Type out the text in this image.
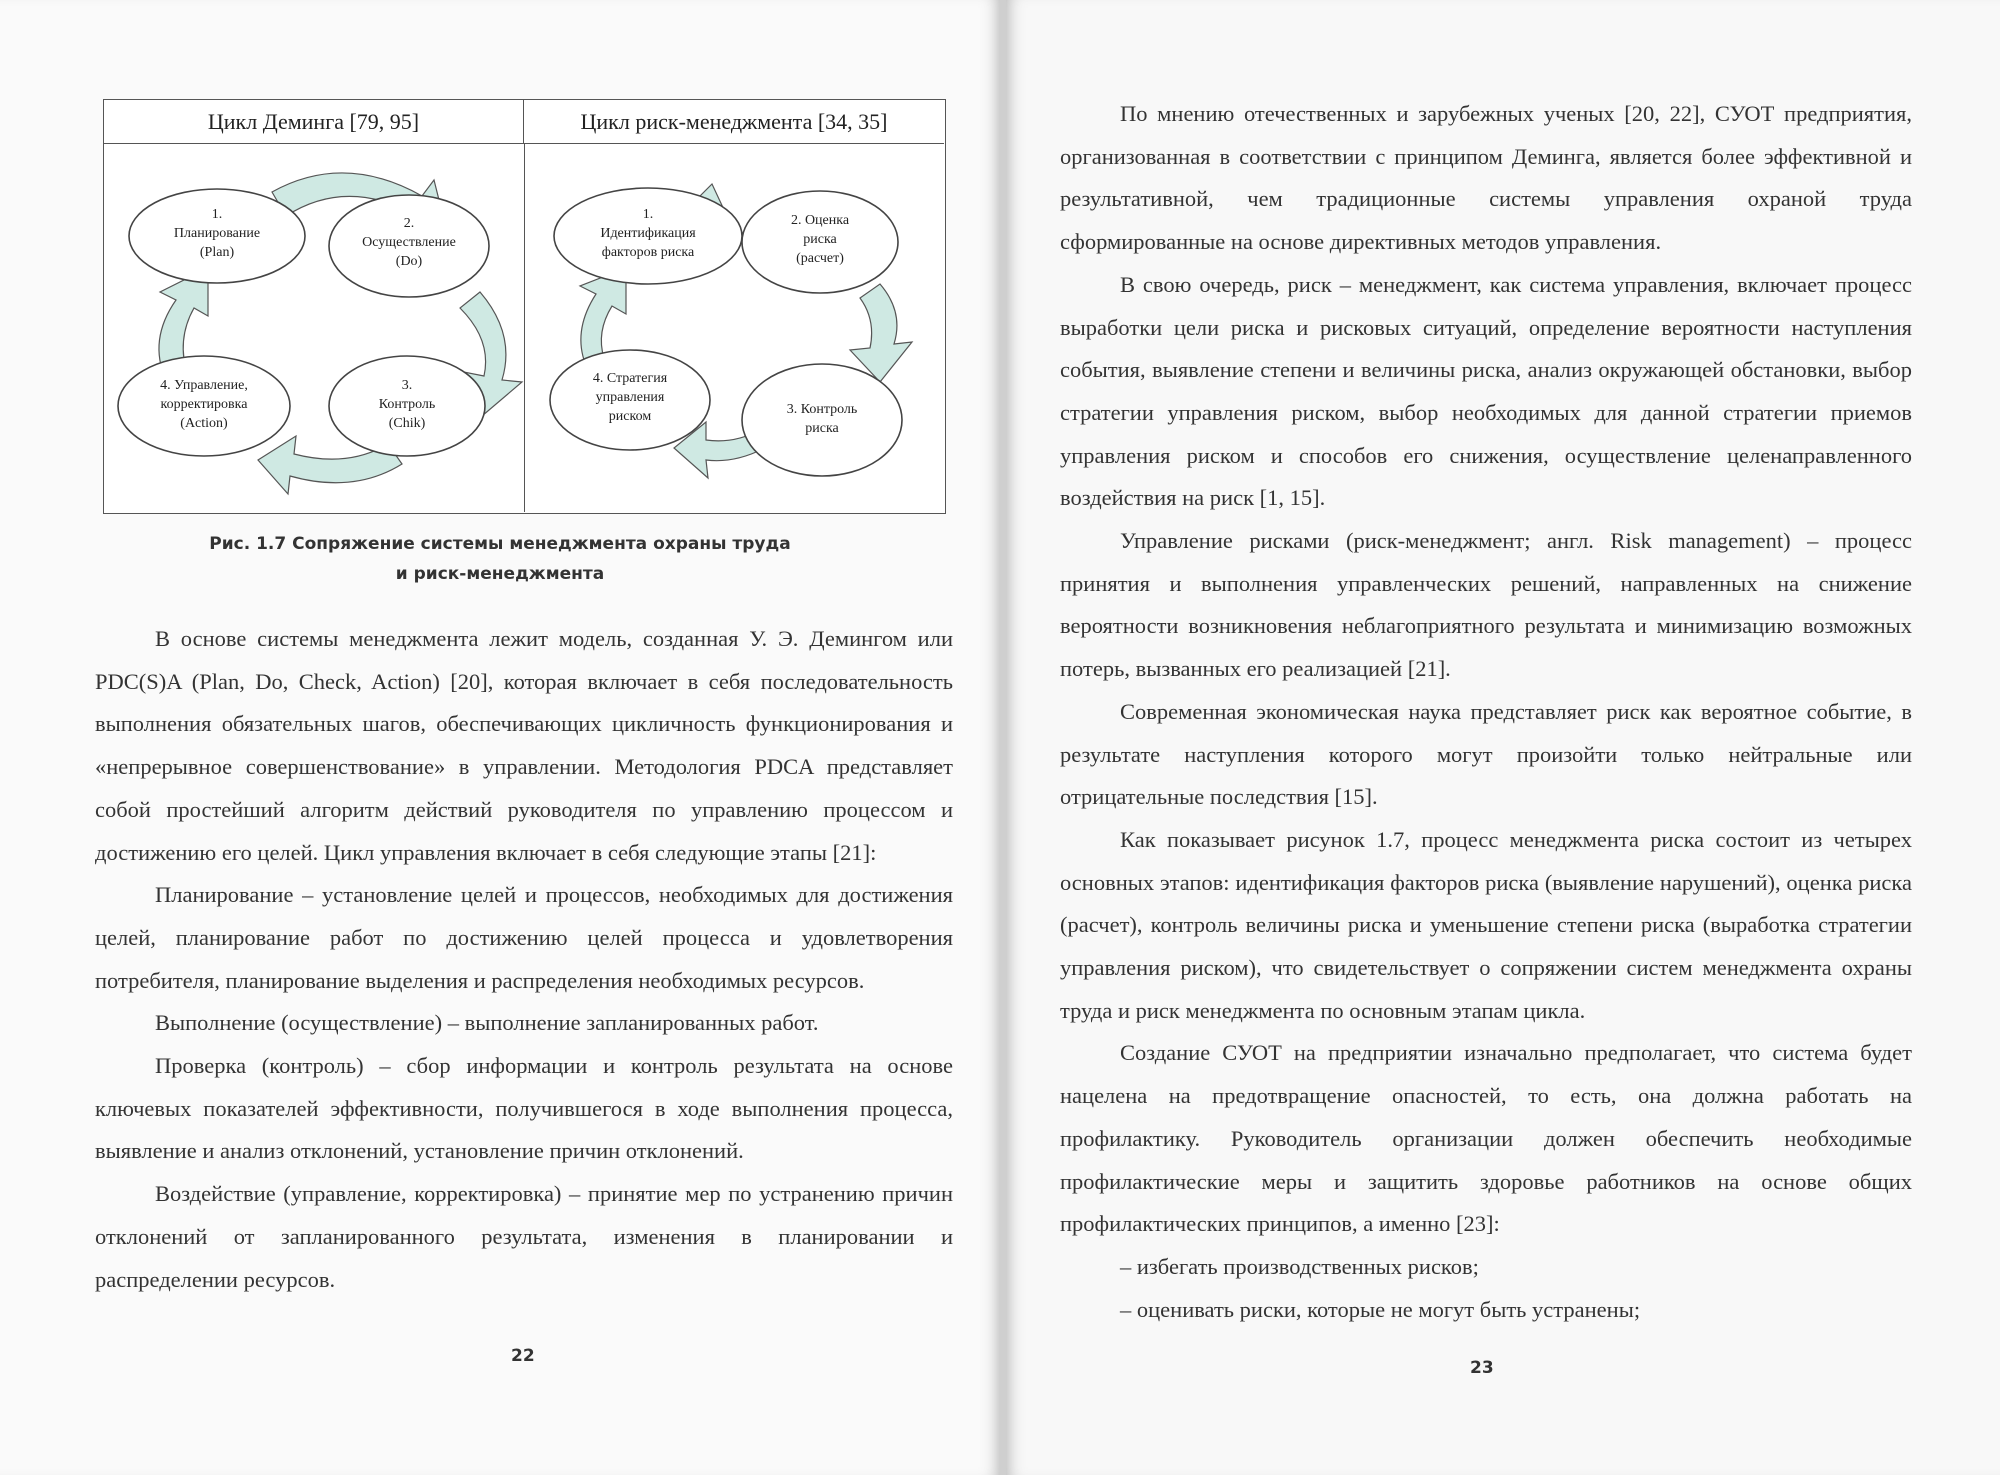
Цикл Деминга [79, 95]	Цикл риск-менеджмента [34, 35]
1. Планирование (Plan)
2. Осуществление (Do)
3. Контроль (Chik)
4. Управление, корректировка (Action)
1. Идентификация факторов риска
2. Оценка риска (расчет)
3. Контроль риска
4. Стратегия управления риском
Рис. 1.7 Сопряжение системы менеджмента охраны труда
и риск-менеджмента

В основе системы менеджмента лежит модель, созданная У. Э. Демингом или PDC(S)A (Plan, Do, Check, Action) [20], которая включает в себя последовательность выполнения обязательных шагов, обеспечивающих цикличность функционирования и «непрерывное совершенствование» в управлении. Методология PDCA представляет собой простейший алгоритм действий руководителя по управлению процессом и достижению его целей. Цикл управления включает в себя следующие этапы [21]:

Планирование – установление целей и процессов, необходимых для достижения целей, планирование работ по достижению целей процесса и удовлетворения потребителя, планирование выделения и распределения необходимых ресурсов.

Выполнение (осуществление) – выполнение запланированных работ.

Проверка (контроль) – сбор информации и контроль результата на основе ключевых показателей эффективности, получившегося в ходе выполнения процесса, выявление и анализ отклонений, установление причин отклонений.

Воздействие (управление, корректировка) – принятие мер по устранению причин отклонений от запланированного результата, изменения в планировании и распределении ресурсов.

22

По мнению отечественных и зарубежных ученых [20, 22], СУОТ предприятия, организованная в соответствии с принципом Деминга, является более эффективной и результативной, чем традиционные системы управления охраной труда сформированные на основе директивных методов управления.

В свою очередь, риск – менеджмент, как система управления, включает процесс выработки цели риска и рисковых ситуаций, определение вероятности наступления события, выявление степени и величины риска, анализ окружающей обстановки, выбор стратегии управления риском, выбор необходимых для данной стратегии приемов управления риском и способов его снижения, осуществление целенаправленного воздействия на риск [1, 15].

Управление рисками (риск-менеджмент; англ. Risk management) – процесс принятия и выполнения управленческих решений, направленных на снижение вероятности возникновения неблагоприятного результата и минимизацию возможных потерь, вызванных его реализацией [21].

Современная экономическая наука представляет риск как вероятное событие, в результате наступления которого могут произойти только нейтральные или отрицательные последствия [15].

Как показывает рисунок 1.7, процесс менеджмента риска состоит из четырех основных этапов: идентификация факторов риска (выявление нарушений), оценка риска (расчет), контроль величины риска и уменьшение степени риска (выработка стратегии управления риском), что свидетельствует о сопряжении систем менеджмента охраны труда и риск менеджмента по основным этапам цикла.

Создание СУОТ на предприятии изначально предполагает, что система будет нацелена на предотвращение опасностей, то есть, она должна работать на профилактику. Руководитель организации должен обеспечить необходимые профилактические меры и защитить здоровье работников на основе общих профилактических принципов, а именно [23]:

– избегать производственных рисков;

– оценивать риски, которые не могут быть устранены;

23
